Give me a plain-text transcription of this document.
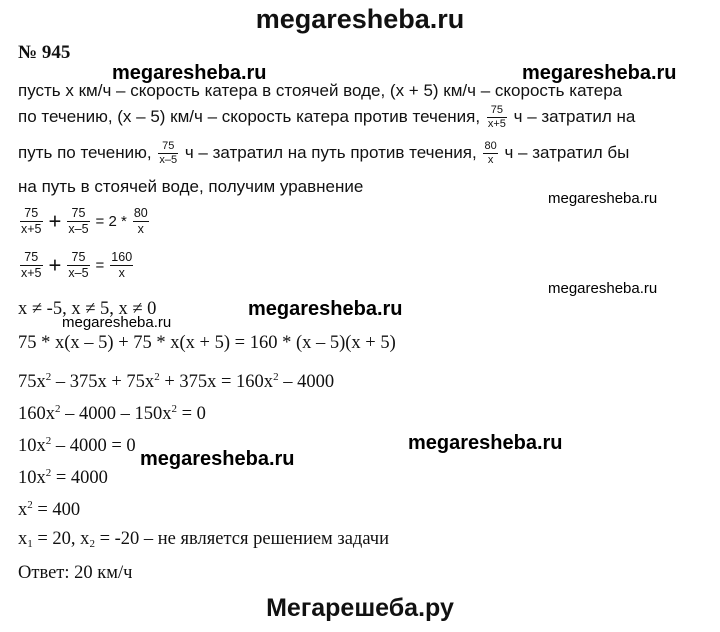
megaresheba.ru
№ 945
megaresheba.ru	megaresheba.ru
megaresheba.ru
megaresheba.ru
megaresheba.ru
megaresheba.ru
megaresheba.ru
megaresheba.ru
пусть x км/ч – скорость катера в стоячей воде, (x + 5) км/ч – скорость катера
по течению, (x – 5) км/ч – скорость катера против течения, $\frac{75}{x+5}$ ч – затратил на
путь по течению, $\frac{75}{x-5}$ ч – затратил на путь против течения, $\frac{80}{x}$ ч – затратил бы
на путь в стоячей воде, получим уравнение
$\frac{75}{x+5} + \frac{75}{x-5} = 2 * \frac{80}{x}$
$\frac{75}{x+5} + \frac{75}{x-5} = \frac{160}{x}$
x ≠ -5, x ≠ 5, x ≠ 0
75 * x(x – 5) + 75 * x(x + 5) = 160 * (x – 5)(x + 5)
$75x^2 - 375x + 75x^2 + 375x = 160x^2 - 4000$
$160x^2 - 4000 - 150x^2 = 0$
$10x^2 - 4000 = 0$
$10x^2 = 4000$
$x^2 = 400$
$x_1 = 20$, $x_2 = -20$ – не является решением задачи
Ответ: 20 км/ч
Мегарешеба.ру
